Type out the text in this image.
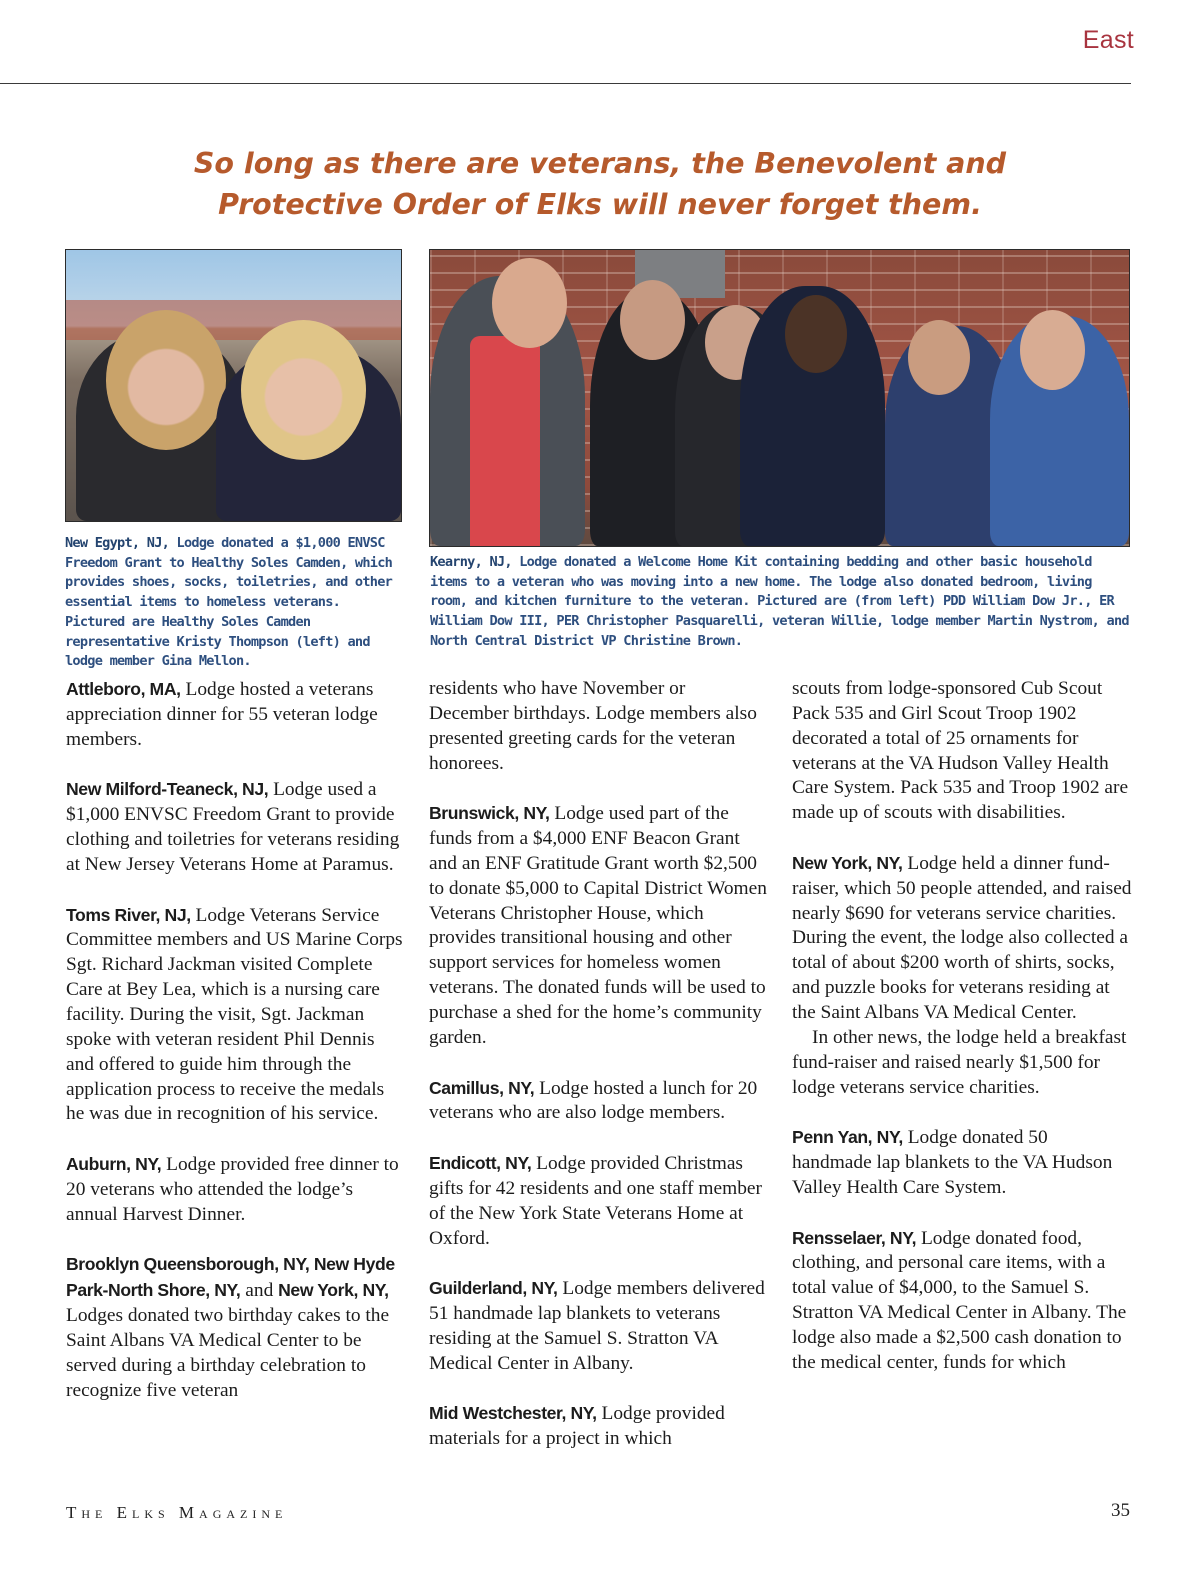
East
So long as there are veterans, the Benevolent and
Protective Order of Elks will never forget them.
New Egypt, NJ, Lodge donated a $1,000 ENVSC Freedom Grant to Healthy Soles Camden, which provides shoes, socks, toiletries, and other essential items to homeless veterans. Pictured are Healthy Soles Camden representative Kristy Thompson (left) and lodge member Gina Mellon.
Kearny, NJ, Lodge donated a Welcome Home Kit containing bedding and other basic household items to a veteran who was moving into a new home. The lodge also donated bedroom, living room, and kitchen furniture to the veteran. Pictured are (from left) PDD William Dow Jr., ER William Dow III, PER Christopher Pasquarelli, veteran Willie, lodge member Martin Nystrom, and North Central District VP Christine Brown.

Attleboro, MA, Lodge hosted a veterans appreciation dinner for 55 veteran lodge members.

New Milford-Teaneck, NJ, Lodge used a $1,000 ENVSC Freedom Grant to provide clothing and toiletries for veterans residing at New Jersey Veterans Home at Paramus.

Toms River, NJ, Lodge Veterans Service Committee members and US Marine Corps Sgt. Richard Jackman visited Complete Care at Bey Lea, which is a nursing care facility. During the visit, Sgt. Jackman spoke with veteran resident Phil Dennis and offered to guide him through the application process to receive the medals he was due in recognition of his service.

Auburn, NY, Lodge provided free dinner to 20 veterans who attended the lodge’s annual Harvest Dinner.

Brooklyn Queensborough, NY, New Hyde Park-North Shore, NY, and New York, NY, Lodges donated two birthday cakes to the Saint Albans VA Medical Center to be served during a birthday celebration to recognize five veteran

residents who have November or December birthdays. Lodge members also presented greeting cards for the veteran honorees.

Brunswick, NY, Lodge used part of the funds from a $4,000 ENF Beacon Grant and an ENF Gratitude Grant worth $2,500 to donate $5,000 to Capital District Women Veterans Christopher House, which provides transitional housing and other support services for homeless women veterans. The donated funds will be used to purchase a shed for the home’s community garden.

Camillus, NY, Lodge hosted a lunch for 20 veterans who are also lodge members.

Endicott, NY, Lodge provided Christmas gifts for 42 residents and one staff member of the New York State Veterans Home at Oxford.

Guilderland, NY, Lodge members delivered 51 handmade lap blankets to veterans residing at the Samuel S. Stratton VA Medical Center in Albany.

Mid Westchester, NY, Lodge provided materials for a project in which

scouts from lodge-sponsored Cub Scout Pack 535 and Girl Scout Troop 1902 decorated a total of 25 ornaments for veterans at the VA Hudson Valley Health Care System. Pack 535 and Troop 1902 are made up of scouts with disabilities.

New York, NY, Lodge held a dinner fund-raiser, which 50 people attended, and raised nearly $690 for veterans service charities. During the event, the lodge also collected a total of about $200 worth of shirts, socks, and puzzle books for veterans residing at the Saint Albans VA Medical Center.

In other news, the lodge held a breakfast fund-raiser and raised nearly $1,500 for lodge veterans service charities.

Penn Yan, NY, Lodge donated 50 handmade lap blankets to the VA Hudson Valley Health Care System.

Rensselaer, NY, Lodge donated food, clothing, and personal care items, with a total value of $4,000, to the Samuel S. Stratton VA Medical Center in Albany. The lodge also made a $2,500 cash donation to the medical center, funds for which

The Elks Magazine	35
